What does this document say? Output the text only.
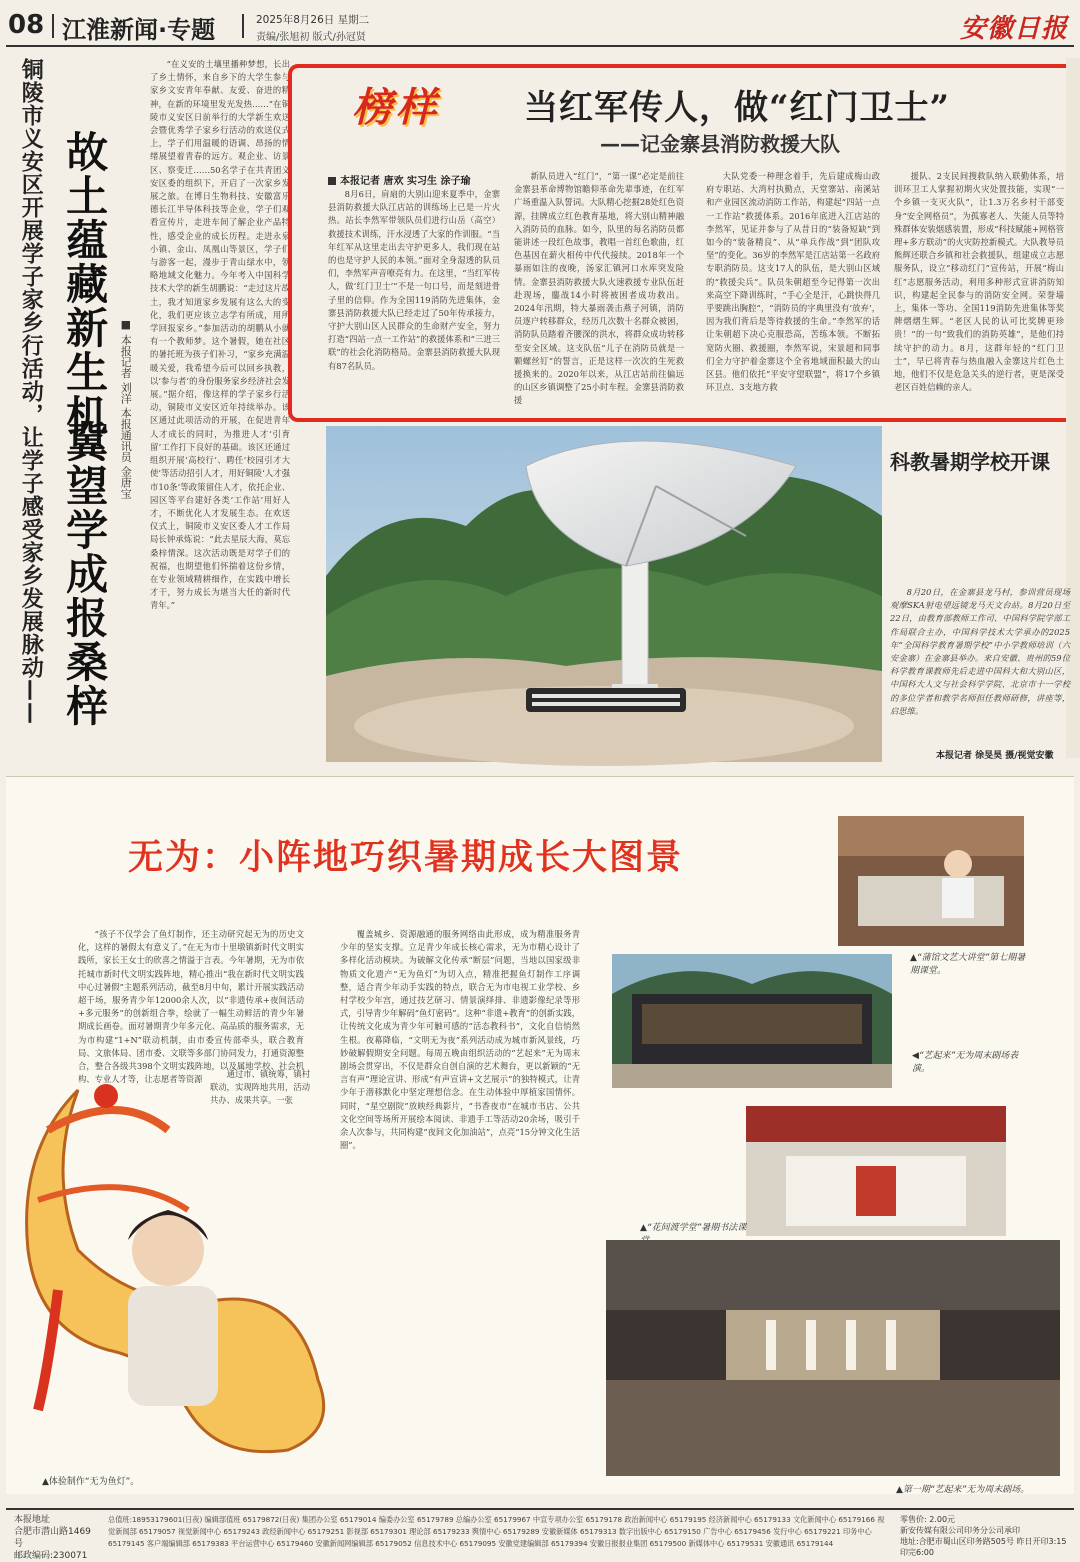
08 江淮新闻·专题	2025年8月26日 星期二
责编/张旭初 版式/孙冠贤	安徽日报
铜陵市义安区开展学子家乡行活动，让学子感受家乡发展脉动—— 故土蕴藏新生机
冀望学成报桑梓
■ 本报记者 刘洋 本报通讯员 金唐宝
“在义安的土壤里播种梦想，长出了乡土情怀，来自乡下的大学生参与家乡文安青年奉献、友爱、奋进的精神，在新的环境里发光发热……”在铜陵市义安区日前举行的大学新生欢送会暨优秀学子家乡行活动的欢送仪式上，学子们用温暖的语调、昂扬的情绪展望着青春的远方。观企业、访景区、察变迁……50名学子在共青团义安区委的组织下，开启了一次家乡发展之旅。在博日生物科技、安徽富乐德长江半导体科技等企业，学子们观看宣传片，走进车间了解企业产品特性，感受企业的成长历程。走进永泉小镇、金山、凤凰山等景区，学子们与游客一起，漫步于青山绿水中，领略地域文化魅力。今年考入中国科学技术大学的新生胡鹏说：“走过这片故土，我才知道家乡发展有这么大的变化，我们更应该立志学有所成，用所学回报家乡。”参加活动的胡鹏从小就有一个教师梦。这个暑假，她在社区的暑托班为孩子们补习，“家乡充满温暖关爱，我希望今后可以回乡执教，以‘参与者’的身份服务家乡经济社会发展。”据介绍，像这样的学子家乡行活动，铜陵市义安区近年持续举办。该区通过此项活动的开展，在促进青年人才成长的同时，为推进人才‘引育留’工作打下良好的基础。该区还通过组织开展‘高校行’、聘任‘校园引才大使’等活动招引人才，用好铜陵‘人才强市10条’等政策留住人才，依托企业、园区等平台建好各类‘工作站’用好人才，不断优化人才发展生态。在欢送仪式上，铜陵市义安区委人才工作局局长钟承炼说：“此去星辰大海，莫忘桑梓情深。这次活动既是对学子们的祝福，也期望他们怀揣着这份乡情，在专业领域精耕细作，在实践中增长才干，努力成长为堪当大任的新时代青年。”
榜样	当红军传人，做“红门卫士”
——记金寨县消防救援大队
本报记者 唐欢 实习生 涂子瑜
8月6日，肩扇的大别山迎来夏季中，金寨县消防救援大队江店站的训练场上已是一片火热。站长李然军带领队员们进行山岳（高空）救援技术训练，汗水浸透了大家的作训服。“当年红军从这里走出去守护更多人，我们现在站的也是守护人民的本领。”面对全身湿透的队员们，李然军声音嘹亮有力。在这里，“当红军传人，做‘红门卫士’”不是一句口号，而是刻进骨子里的信仰。作为全国119消防先进集体，金寨县消防救援大队已经走过了50年传承接力，守护大别山区人民群众的生命财产安全，努力打造“四站一点一工作站”的救援体系和“三进三联”的社会化消防格局。金寨县消防救援大队现有87名队员。
新队员进入“红门”，“第一课”必定是前往金寨县革命博物馆瞻仰革命先辈事迹，在红军广场重温入队誓词。大队精心挖掘28处红色资源，挂牌成立红色教育基地，将大别山精神融入消防员的血脉。如今，队里的每名消防员都能讲述一段红色故事，教唱一首红色歌曲，红色基因在薪火相传中代代接续。2018年一个暴雨如注的夜晚，汤家汇镇河口水库突发险情。金寨县消防救援大队火速救援专业队伍赶赴现场，鏖战14小时将被困者成功救出。2024年汛期，特大暴雨袭击燕子河镇，消防员逐户转移群众，经历几次数十名群众被困，消防队员踏着齐腰深的洪水，将群众成功转移至安全区域。这支队伍“儿子在消防员就是一颗螺丝钉”的誓言，正是这样一次次的生死救援换来的。2020年以来，从江店站前往偏远的山区乡镇调整了25小时车程。金寨县消防救援
大队党委一种理念着手，先后建成梅山政府专职站、大湾村执勤点，天堂寨站、南溪站和产业园区流动消防工作站，构建起“四站一点一工作站”救援体系。2016年底进入江店站的李然军，见证并参与了从昔日的“装备短缺”到如今的“装备精良”、从“单兵作战”到“团队攻坚”的变化。36岁的李然军是江店站第一名政府专职消防员。这支17人的队伍，是大别山区域的“救援尖兵”。队员朱朝超至今记得第一次出来高空下降训练时，“手心全是汗，心跳快得几乎要跳出胸腔”，“消防员的字典里没有‘放弃’，因为我们背后是等待救援的生命。”李然军的话让朱朝超下决心克服恐高，苦练本领。不断拓宽防火圈、救援圈，李然军说，宋景超和同事们全力守护着金寨这个全省地域面积最大的山区县。他们依托“平安守望联盟”，将17个乡镇环卫点、3支地方救
援队、2支民间搜救队纳入联勤体系，培训环卫工人掌握初期火灾处置技能，实现“一个乡镇一支灭火队”，让1.3万名乡村干部变身“安全网格员”，为孤寡老人、失能人员等特殊群体安装烟感装置，形成“科技赋能+网格管理+多方联动”的火灾防控新模式。大队教导员熊辉还联合乡镇和社会救援队，组建成立志愿服务队，设立“移动红门”宣传站，开展“梅山红”志愿服务活动，利用多种形式宣讲消防知识，构建起全民参与的消防安全网。荣誉墙上，集体一等功、全国119消防先进集体等奖牌熠熠生辉。“老区人民的认可比奖牌更珍贵！”的一句“致我们的消防英雄”，是他们持续守护的动力。8月，这群年轻的“红门卫士”，早已将青春与热血融入金寨这片红色土地，他们不仅是危急关头的逆行者，更是深受老区百姓信赖的亲人。
科教暑期学校开课
8月20日，在金寨县龙马村，参训营员现场观摩SKA射电望远镜龙马天文台站。8月20日至22日，由教育部教师工作司、中国科学院学部工作局联合主办，中国科学技术大学承办的2025年“全国科学教育暑期学校”中小学教师培训（六安金寨）在金寨县举办。来自安徽、贵州的59位科学教育课教师先后走进中国科大和大别山区，中国科大人文与社会科学学院、北京市十一学校的多位学者和教学名师担任教师研修，讲座等，启思维。
本报记者 徐旻昊 摄/视觉安徽
无为：小阵地巧织暑期成长大图景
“孩子不仅学会了鱼灯制作，还主动研究起无为的历史文化，这样的暑假太有意义了。”在无为市十里墩镇新时代文明实践所，家长王女士的欣喜之情溢于言表。今年暑期，无为市依托城市新时代文明实践阵地，精心推出“我在新时代文明实践中心过暑假”主题系列活动，截至8月中旬，累计开展实践活动超千场，服务青少年12000余人次，以“非遗传承+夜间活动+多元服务”的创新组合拳，绘就了一幅生动鲜活的青少年暑期成长画卷。面对暑期青少年多元化、高品质的服务需求，无为市构建“1+N”联动机制，由市委宣传部牵头，联合教育局、文旅体局、团市委、文联等多部门协同发力，打通资源整合，整合各级共398个文明实践阵地，以及属地学校、社会机构、专业人才等，让志愿者等资源
通过市、镇统筹，镇村联动，实现阵地共用，活动共办、成果共享。一张
覆盖城乡、资源融通的服务网络由此形成，成为精准服务青少年的坚实支撑。立足青少年成长核心需求，无为市精心设计了多样化活动模块。为破解文化传承“断层”问题，当地以国家级非物质文化遗产“无为鱼灯”为切入点，精准把握鱼灯制作工序调整，适合青少年动手实践的特点，联合无为市电视工业学校、乡村学校少年宫，通过技艺研习、情景演绎排、非遗影像纪录等形式，引导青少年解码“鱼灯密码”。这种“非遗+教育”的创新实践，让传统文化成为青少年可触可感的“活态教科书”，文化自信悄然生根。夜幕降临，“文明无为夜”系列活动成为城市新风景线，巧妙破解假期安全问题。每周五晚由组织活动的“艺起来”无为周末剧场会贯穿出，不仅是群众自创自演的艺术舞台，更以新颖的“无言有声”理论宣讲、形成“有声宣讲+文艺展示”的独特模式，让青少年于潜移默化中坚定理想信念。在生动体验中厚植家国情怀。同时，“星空剧院”放映经典影片，“书香夜市”在城市书店、公共文化空间等场所开展绘本阅读、非遗手工等活动20余场，吸引千余人次参与，共同构建“夜间文化加油站”，点亮“15分钟文化生活圈”。
▲体验制作“无为鱼灯”。
▲“蒲馆文艺大讲堂”第七期暑期课堂。
◀“艺起来”无为周末剧场表演。
▲“花间渡学堂”暑期书法课
▲第一期“艺起来”无为周末剧场。
本报地址
合肥市潜山路1469号
邮政编码:230071
总值班:18953179601(日夜) 编辑部值班 65179872(日夜) 集团办公室 65179014 编委办公室 65179789 总编办公室 65179967 中宣专项办公室 65179178 政治新闻中心 65179195 经济新闻中心 65179133 文化新闻中心 65179166 视觉新闻部 65179057 视觉新闻中心 65179243 政经新闻中心 65179251 影视部 65179301 理论部 65179233 舆情中心 65179289 安徽新媒体 65179313 数字出版中心 65179150 广告中心 65179456 发行中心 65179221 印务中心 65179145 客户端编辑部 65179383 平台运营中心 65179460 安徽新闻网编辑部 65179052 信息技术中心 65179095 安徽党建编辑部 65179394 安徽日报报业集团 65179500 新媒体中心 65179531 安徽通讯 65179144
零售价: 2.00元
新安传媒有限公司印务分公司承印
地址:合肥市蜀山区印务路505号 昨日开印3:15 印完6:00
